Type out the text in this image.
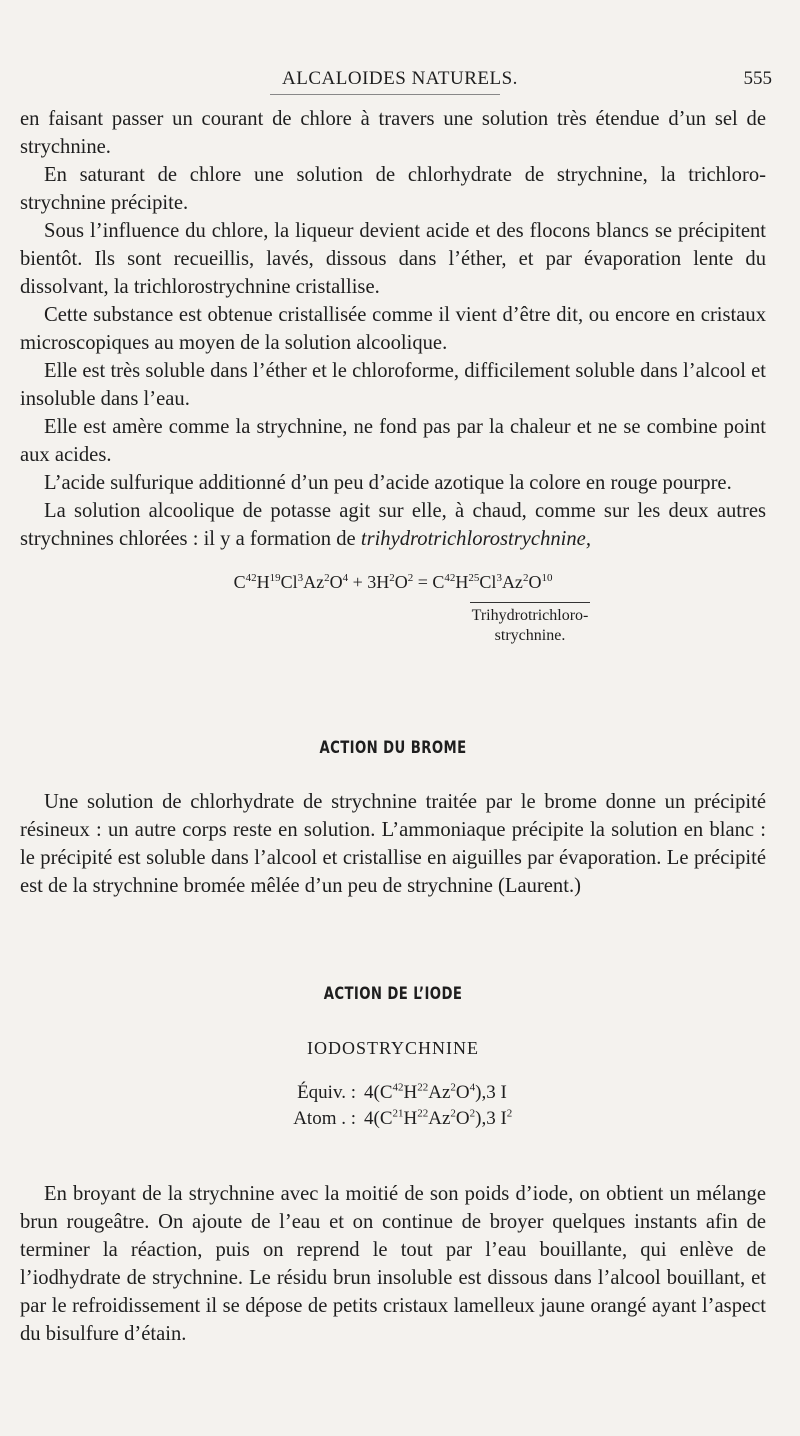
ALCALOIDES NATURELS.	555

en faisant passer un courant de chlore à travers une solution très étendue d’un sel de strychnine.

En saturant de chlore une solution de chlorhydrate de strychnine, la trichloro-strychnine précipite.

Sous l’influence du chlore, la liqueur devient acide et des flocons blancs se précipitent bientôt. Ils sont recueillis, lavés, dissous dans l’éther, et par évaporation lente du dissolvant, la trichlorostrychnine cristallise.

Cette substance est obtenue cristallisée comme il vient d’être dit, ou encore en cristaux microscopiques au moyen de la solution alcoolique.

Elle est très soluble dans l’éther et le chloroforme, difficilement soluble dans l’alcool et insoluble dans l’eau.

Elle est amère comme la strychnine, ne fond pas par la chaleur et ne se combine point aux acides.

L’acide sulfurique additionné d’un peu d’acide azotique la colore en rouge pourpre.

La solution alcoolique de potasse agit sur elle, à chaud, comme sur les deux autres strychnines chlorées : il y a formation de trihydrotrichlorostrychnine,

$C^{42}H^{19}Cl^3Az^2O^4 + 3H^2O^2 = C^{42}H^{25}Cl^3Az^2O^{10}$
Trihydrotrichloro-
strychnine.
ACTION DU BROME

Une solution de chlorhydrate de strychnine traitée par le brome donne un précipité résineux : un autre corps reste en solution. L’ammoniaque précipite la solution en blanc : le précipité est soluble dans l’alcool et cristallise en aiguilles par évaporation. Le précipité est de la strychnine bromée mêlée d’un peu de strychnine (Laurent.)

ACTION DE L’IODE
IODOSTRYCHNINE
Équiv. : $4(C^{42}H^{22}Az^2O^4),3$ I
Atom . : $4(C^{21}H^{22}Az^2O^2),3$ $I^2$

En broyant de la strychnine avec la moitié de son poids d’iode, on obtient un mélange brun rougeâtre. On ajoute de l’eau et on continue de broyer quelques instants afin de terminer la réaction, puis on reprend le tout par l’eau bouillante, qui enlève de l’iodhydrate de strychnine. Le résidu brun insoluble est dissous dans l’alcool bouillant, et par le refroidissement il se dépose de petits cristaux lamelleux jaune orangé ayant l’aspect du bisulfure d’étain.
